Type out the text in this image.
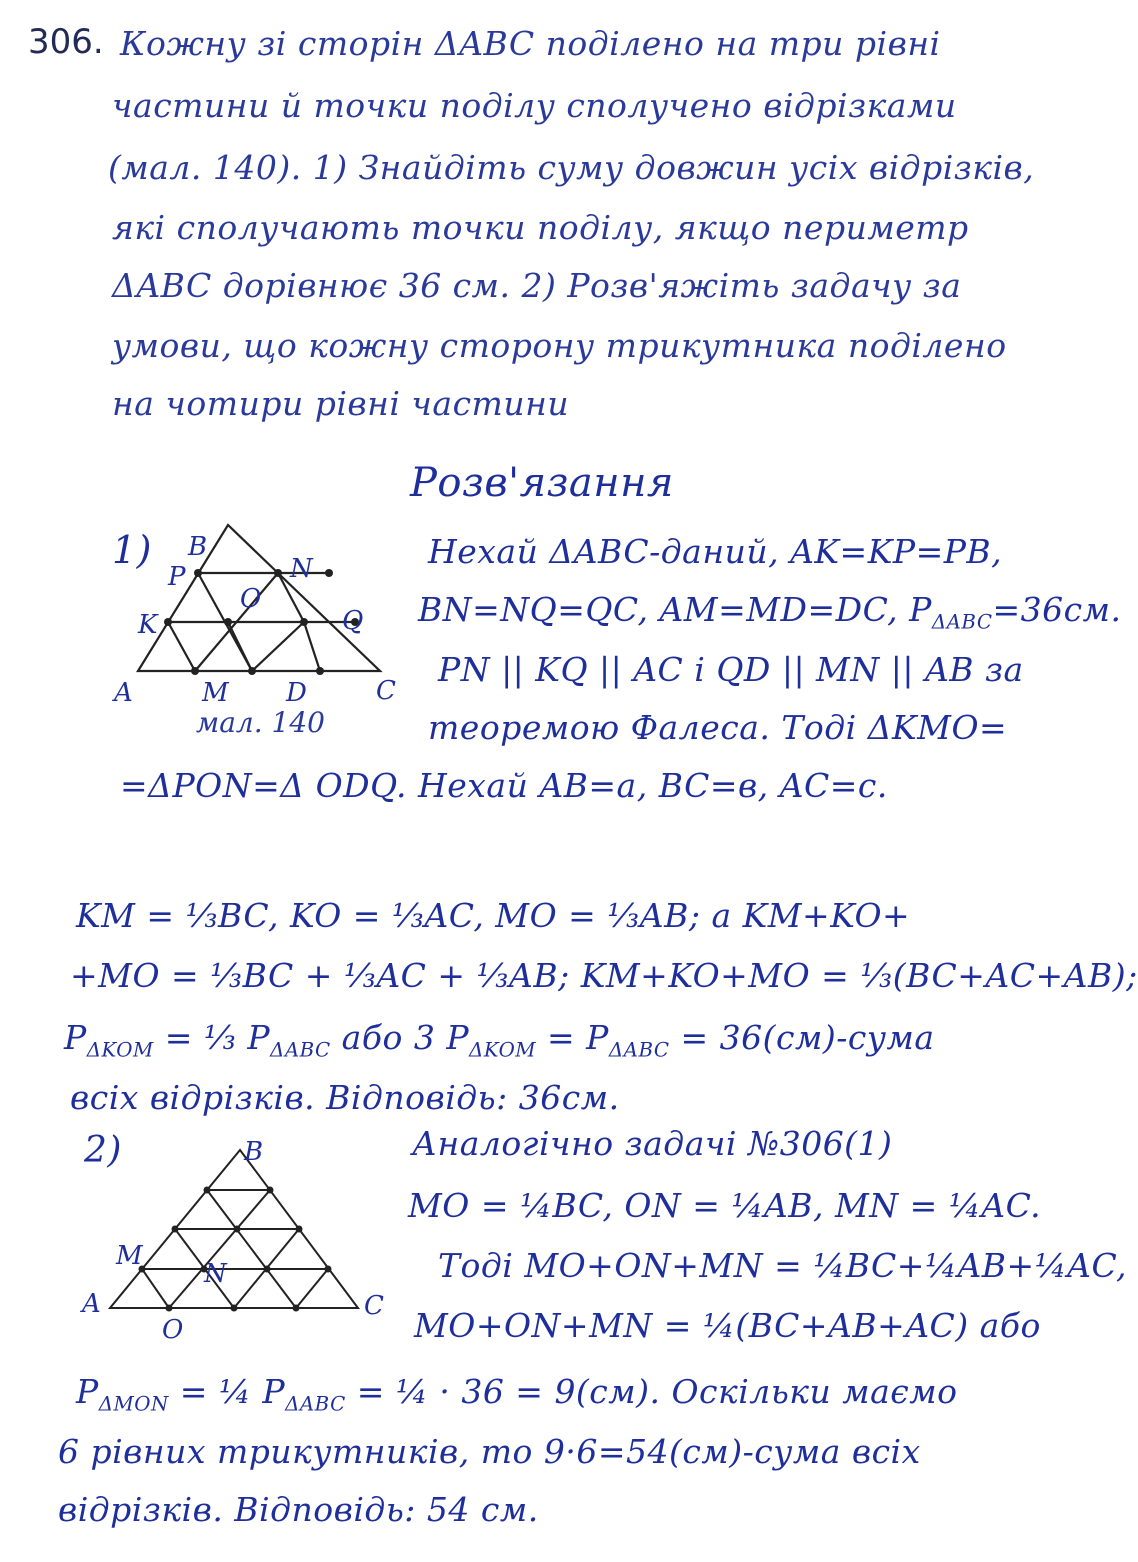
306. Кожну зі сторін ΔABC поділено на три рівні
частини й точки поділу сполучено відрізками
(мал. 140). 1) Знайдіть суму довжин усіх відрізків,
які сполучають точки поділу, якщо периметр
ΔABC дорівнює 36 см. 2) Розв'яжіть задачу за
умови, що кожну сторону трикутника поділено
на чотири рівні частини
Розв'язання
1) B
P	N
O
K	Q
A	M D	C
мал. 140
Нехай ΔABC-даний, AK=KP=PB,
BN=NQ=QC, AM=MD=DC, $P_{\Delta ABC}=36см$.
PN || KQ || AC і QD || MN || AB за
теоремою Фалеса. Тоді ΔKMO=
=ΔPON=Δ ODQ. Нехай AB=a, BC=в, AC=c.
KM = ⅓BC, KO = ⅓AC, MO = ⅓AB; а KM+KO+
+MO = ⅓BC + ⅓AC + ⅓AB; KM+KO+MO = ⅓(BC+AC+AB);
$P_{\Delta KOM}$ = ⅓ $P_{\Delta ABC}$ або 3 $P_{\Delta KOM} = P_{\Delta ABC}$ = 36(см)-сума
всіх відрізків. Відповідь: 36см.
2)	B
M
N
A	C
O
Аналогічно задачі №306(1)
MO = ¼BC, ON = ¼AB, MN = ¼AC.
Тоді MO+ON+MN = ¼BC+¼AB+¼AC,
MO+ON+MN = ¼(BC+AB+AC) або
$P_{\Delta MON}$ = ¼ $P_{\Delta ABC}$ = ¼ · 36 = 9(см). Оскільки маємо
6 рівних трикутників, то 9·6=54(см)-сума всіх
відрізків. Відповідь: 54 см.
